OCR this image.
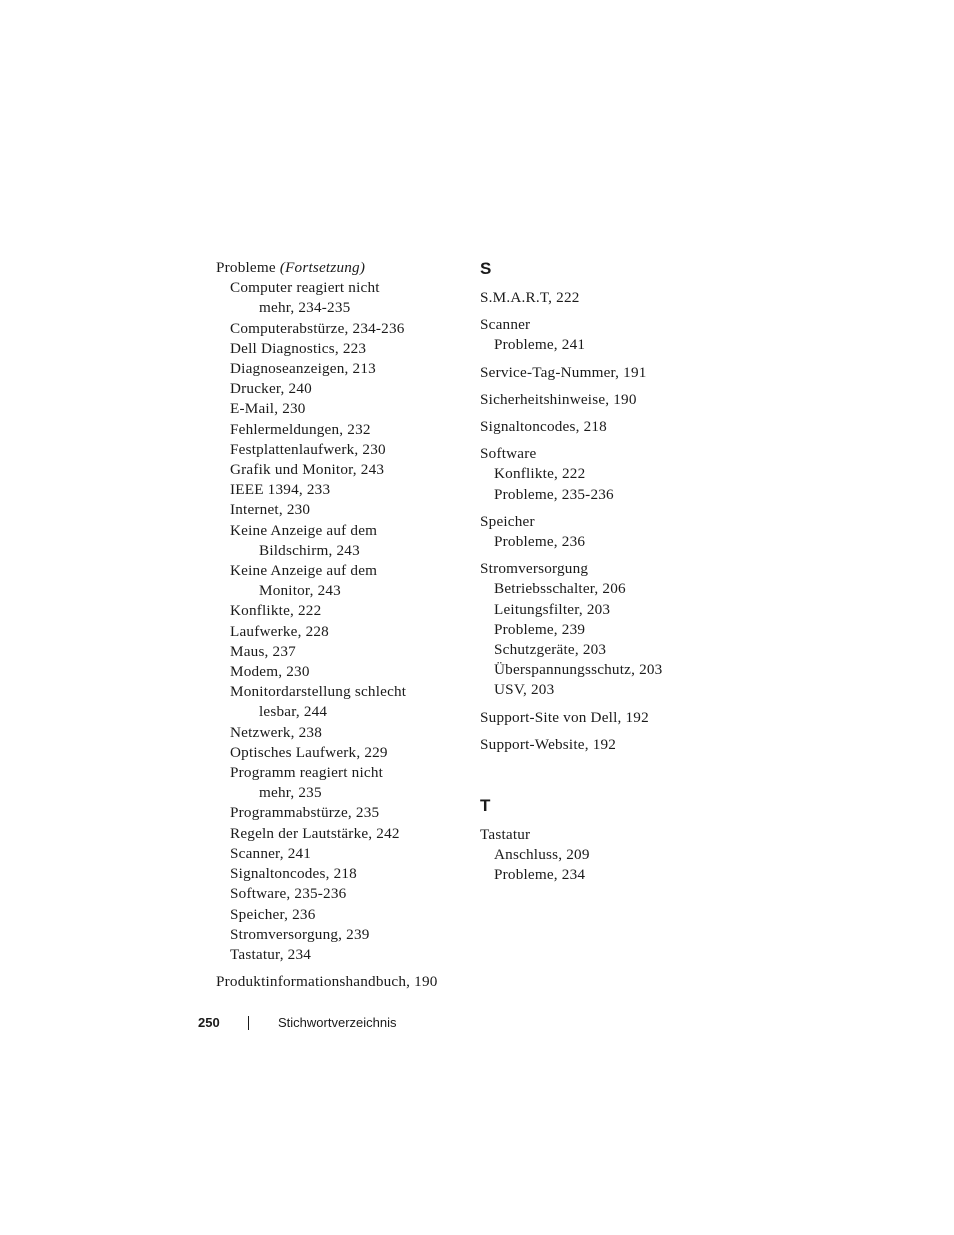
Probleme (Fortsetzung)
Computer reagiert nicht
mehr, 234-235
Computerabstürze, 234-236
Dell Diagnostics, 223
Diagnoseanzeigen, 213
Drucker, 240
E-Mail, 230
Fehlermeldungen, 232
Festplattenlaufwerk, 230
Grafik und Monitor, 243
IEEE 1394, 233
Internet, 230
Keine Anzeige auf dem
Bildschirm, 243
Keine Anzeige auf dem
Monitor, 243
Konflikte, 222
Laufwerke, 228
Maus, 237
Modem, 230
Monitordarstellung schlecht
lesbar, 244
Netzwerk, 238
Optisches Laufwerk, 229
Programm reagiert nicht
mehr, 235
Programmabstürze, 235
Regeln der Lautstärke, 242
Scanner, 241
Signaltoncodes, 218
Software, 235-236
Speicher, 236
Stromversorgung, 239
Tastatur, 234
Produktinformationshandbuch, 190
S
S.M.A.R.T, 222
Scanner
Probleme, 241
Service-Tag-Nummer, 191
Sicherheitshinweise, 190
Signaltoncodes, 218
Software
Konflikte, 222
Probleme, 235-236
Speicher
Probleme, 236
Stromversorgung
Betriebsschalter, 206
Leitungsfilter, 203
Probleme, 239
Schutzgeräte, 203
Überspannungsschutz, 203
USV, 203
Support-Site von Dell, 192
Support-Website, 192
T
Tastatur
Anschluss, 209
Probleme, 234
250	Stichwortverzeichnis
